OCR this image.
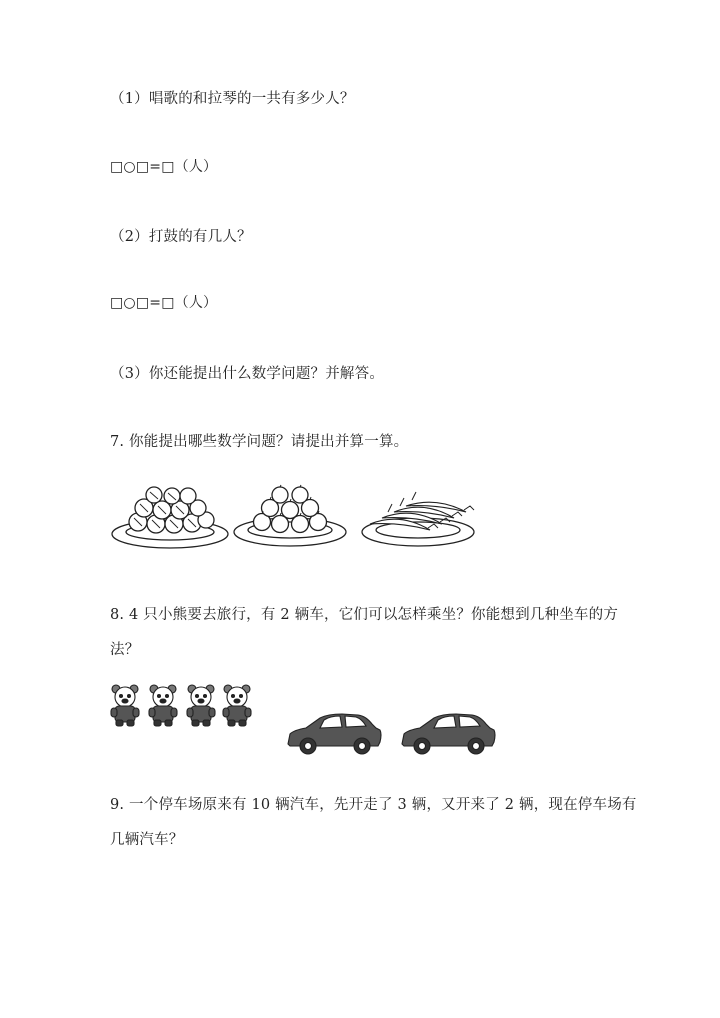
（1）唱歌的和拉琴的一共有多少人？
□○□=□（人）
（2）打鼓的有几人？
□○□=□（人）
（3）你还能提出什么数学问题？并解答。
7. 你能提出哪些数学问题？请提出并算一算。
8. 4 只小熊要去旅行，有 2 辆车，它们可以怎样乘坐？你能想到几种坐车的方
法？
9. 一个停车场原来有 10 辆汽车，先开走了 3 辆，又开来了 2 辆，现在停车场有
几辆汽车？
